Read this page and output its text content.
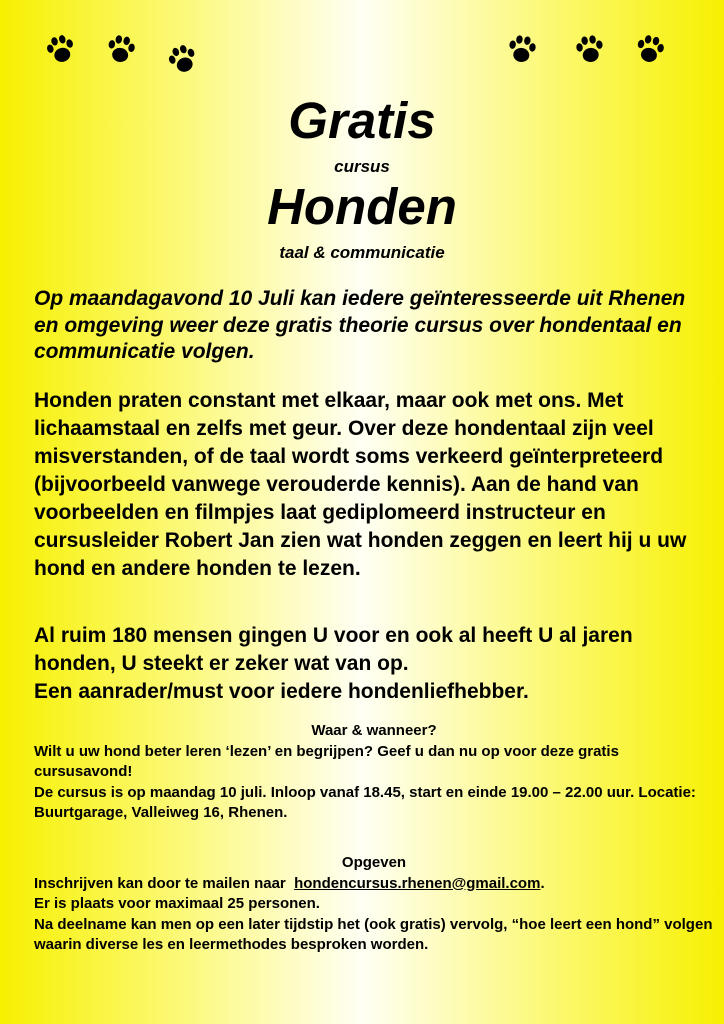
Gratis
cursus
Honden
taal & communicatie

Op maandagavond 10 Juli kan iedere geïnteresseerde uit Rhenen en omgeving weer deze gratis theorie cursus over hondentaal en communicatie volgen.

Honden praten constant met elkaar, maar ook met ons. Met lichaamstaal en zelfs met geur. Over deze hondentaal zijn veel misverstanden, of de taal wordt soms verkeerd geïnterpreteerd (bijvoorbeeld vanwege verouderde kennis). Aan de hand van voorbeelden en filmpjes laat gediplomeerd instructeur en cursusleider Robert Jan zien wat honden zeggen en leert hij u uw hond en andere honden te lezen.

Al ruim 180 mensen gingen U voor en ook al heeft U al jaren honden, U steekt er zeker wat van op.
Een aanrader/must voor iedere hondenliefhebber.
Waar & wanneer?
Wilt u uw hond beter leren ‘lezen’ en begrijpen? Geef u dan nu op voor deze gratis cursusavond!
De cursus is op maandag 10 juli. Inloop vanaf 18.45, start en einde 19.00 – 22.00 uur. Locatie: Buurtgarage, Valleiweg 16, Rhenen.
Opgeven
Inschrijven kan door te mailen naar hondencursus.rhenen@gmail.com.
Er is plaats voor maximaal 25 personen.
Na deelname kan men op een later tijdstip het (ook gratis) vervolg, “hoe leert een hond” volgen waarin diverse les en leermethodes besproken worden.
